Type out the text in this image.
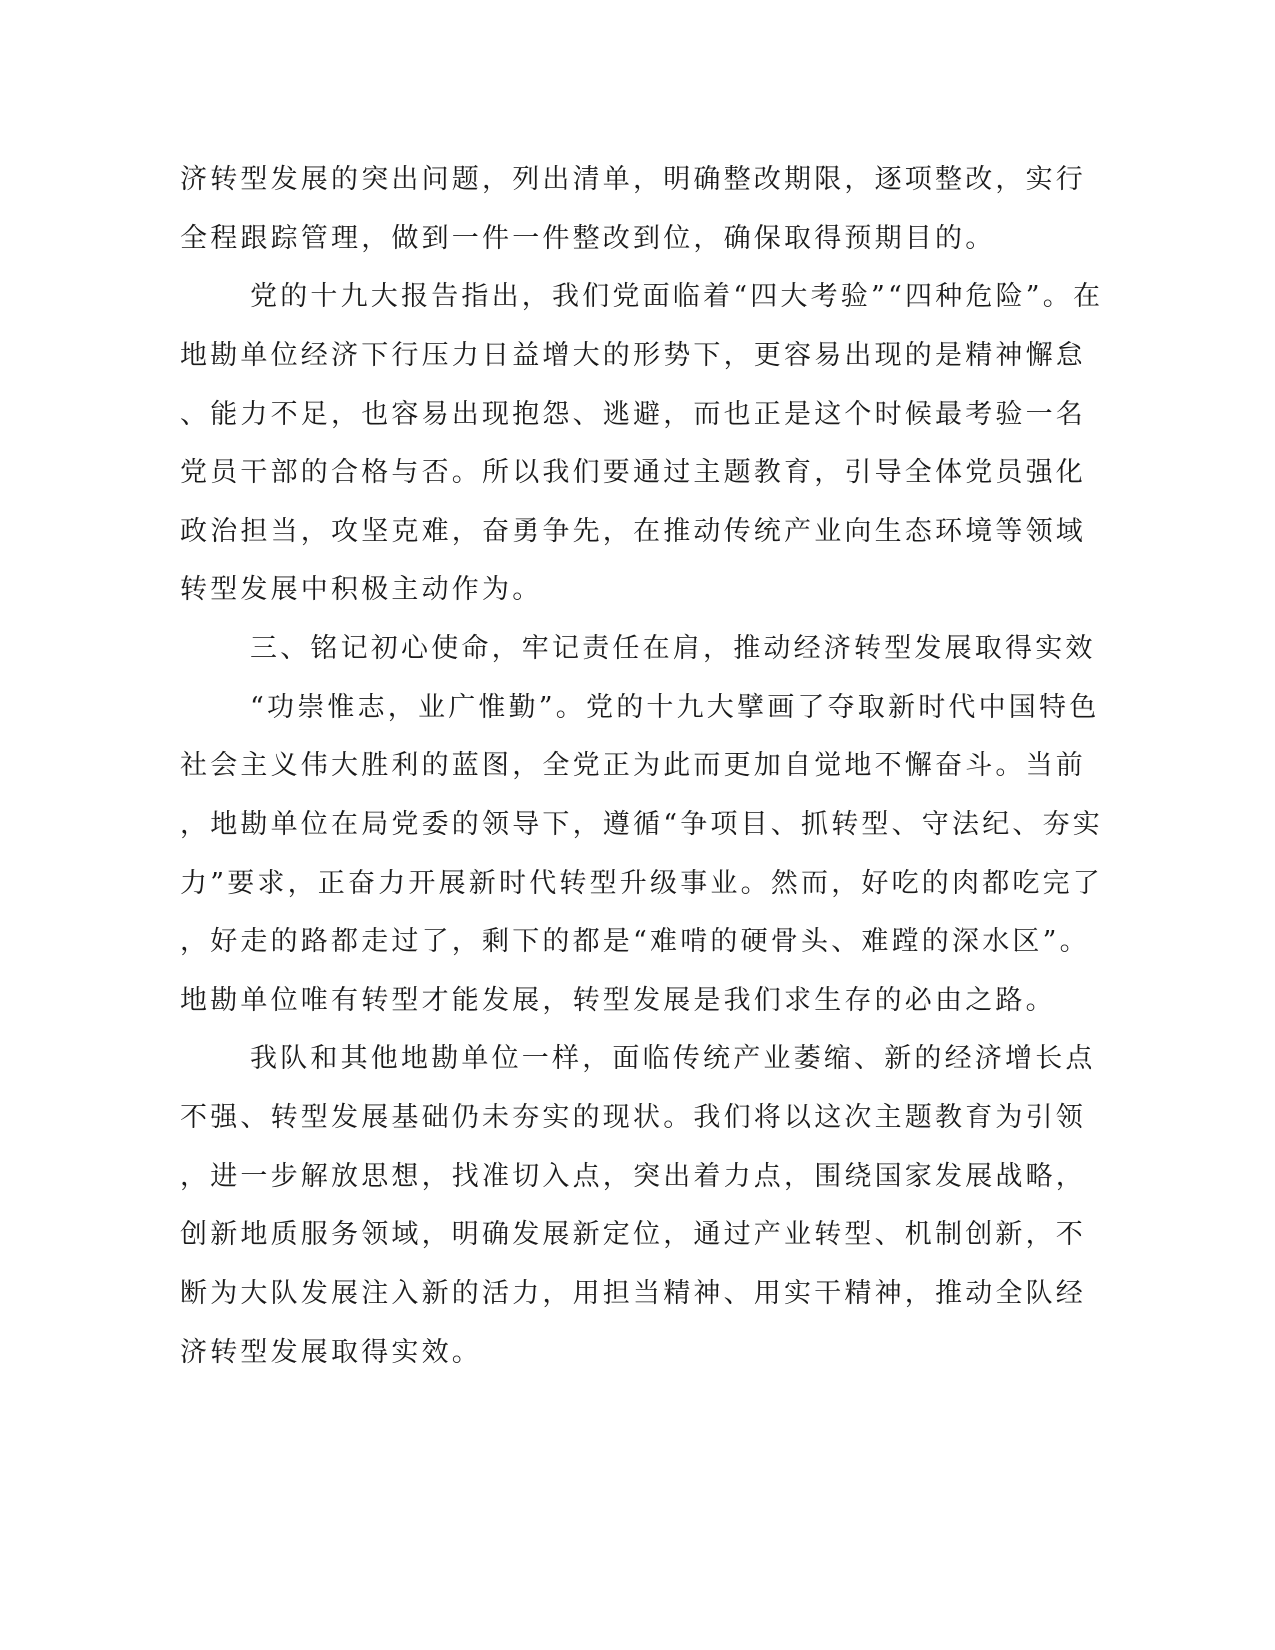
济转型发展的突出问题，列出清单，明确整改期限，逐项整改，实行
全程跟踪管理，做到一件一件整改到位，确保取得预期目的。
党的十九大报告指出，我们党面临着“四大考验”“四种危险”。在
地勘单位经济下行压力日益增大的形势下，更容易出现的是精神懈怠
、能力不足，也容易出现抱怨、逃避，而也正是这个时候最考验一名
党员干部的合格与否。所以我们要通过主题教育，引导全体党员强化
政治担当，攻坚克难，奋勇争先，在推动传统产业向生态环境等领域
转型发展中积极主动作为。
三、铭记初心使命，牢记责任在肩，推动经济转型发展取得实效
“功崇惟志，业广惟勤”。党的十九大擘画了夺取新时代中国特色
社会主义伟大胜利的蓝图，全党正为此而更加自觉地不懈奋斗。当前
，地勘单位在局党委的领导下，遵循“争项目、抓转型、守法纪、夯实
力”要求，正奋力开展新时代转型升级事业。然而，好吃的肉都吃完了
，好走的路都走过了，剩下的都是“难啃的硬骨头、难蹚的深水区”。
地勘单位唯有转型才能发展，转型发展是我们求生存的必由之路。
我队和其他地勘单位一样，面临传统产业萎缩、新的经济增长点
不强、转型发展基础仍未夯实的现状。我们将以这次主题教育为引领
，进一步解放思想，找准切入点，突出着力点，围绕国家发展战略，
创新地质服务领域，明确发展新定位，通过产业转型、机制创新，不
断为大队发展注入新的活力，用担当精神、用实干精神，推动全队经
济转型发展取得实效。
